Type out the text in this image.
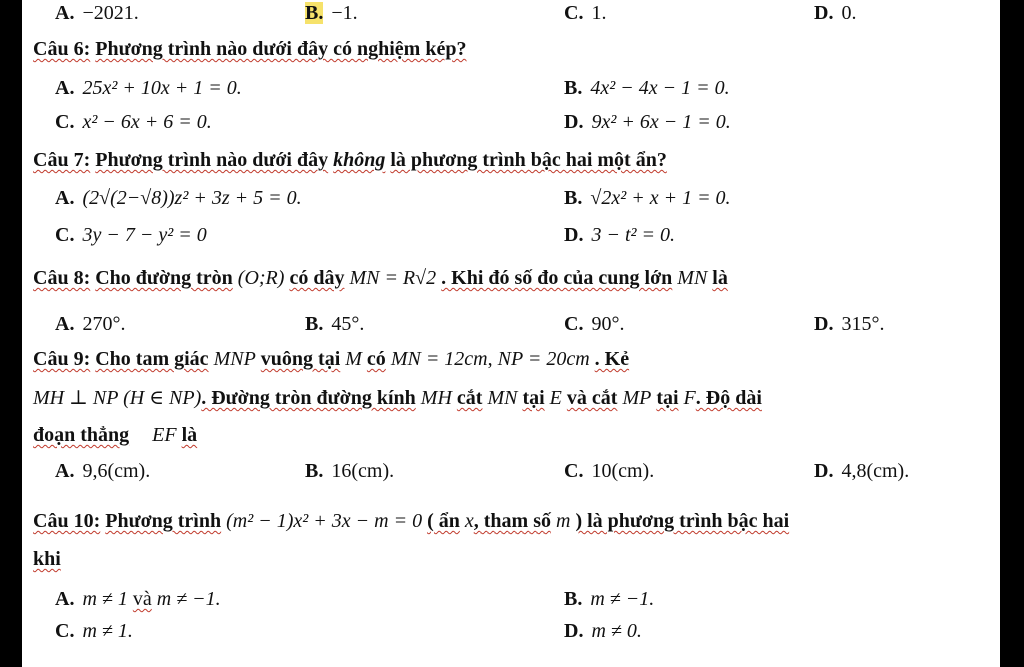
A. −2021.	B. −1.	C. 1.	D. 0.
Câu 6: Phương trình nào dưới đây có nghiệm kép?
A. 25x² + 10x + 1 = 0.	B. 4x² − 4x − 1 = 0.
C. x² − 6x + 6 = 0.	D. 9x² + 6x − 1 = 0.
Câu 7: Phương trình nào dưới đây không là phương trình bậc hai một ẩn?
A. (2√(2−√8))z² + 3z + 5 = 0.	B. √2x² + x + 1 = 0.
C. 3y − 7 − y² = 0	D. 3 − t² = 0.
Câu 8: Cho đường tròn (O;R) có dây MN = R√2 . Khi đó số đo của cung lớn MN là
A. 270°.	B. 45°.	C. 90°.	D. 315°.
Câu 9: Cho tam giác MNP vuông tại M có MN = 12cm, NP = 20cm . Kẻ
MH ⊥ NP (H ∈ NP). Đường tròn đường kính MH cắt MN tại E và cắt MP tại F. Độ dài
đoạn thẳng EF là
A. 9,6(cm).	B. 16(cm).	C. 10(cm).	D. 4,8(cm).
Câu 10: Phương trình (m² − 1)x² + 3x − m = 0 ( ẩn x, tham số m ) là phương trình bậc hai
khi
A. m ≠ 1 và m ≠ −1.	B. m ≠ −1.
C. m ≠ 1.	D. m ≠ 0.
